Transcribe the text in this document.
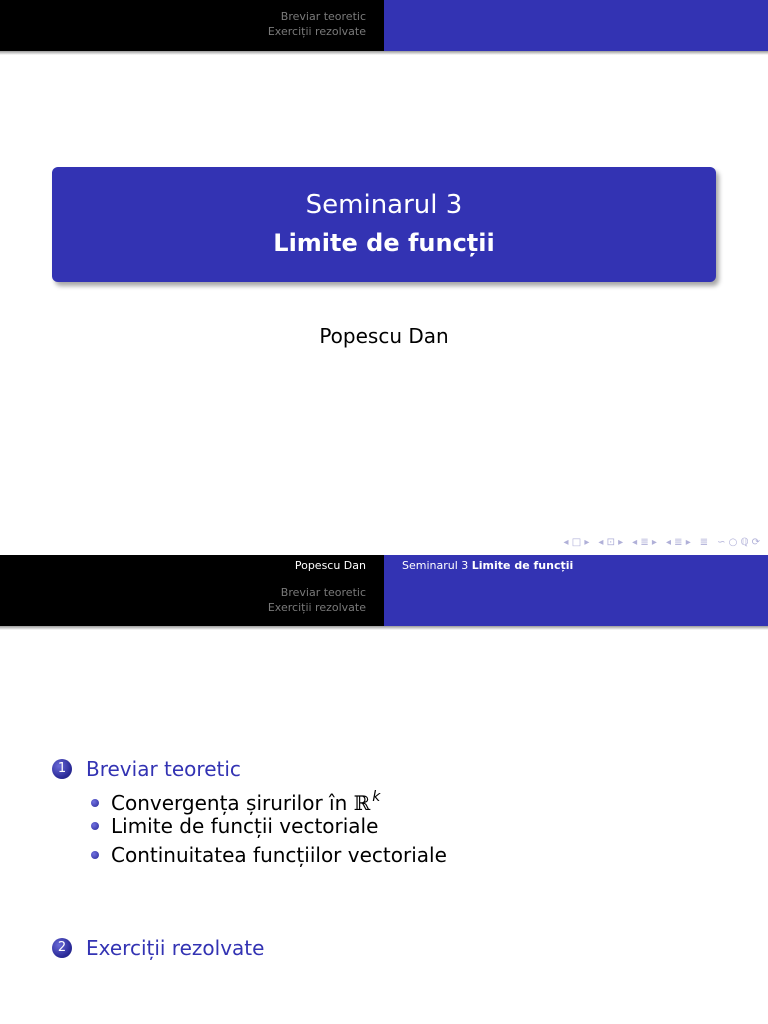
Breviar teoretic
Exerciții rezolvate
Seminarul 3
Limite de funcții
Popescu Dan
◂ □ ▸ ◂ ⊡ ▸ ◂ ≣ ▸ ◂ ≣ ▸ ≣ ∽ ○ ℚ ⟳
Popescu Dan
Breviar teoretic
Exerciții rezolvate
Seminarul 3 Limite de funcții
1 Breviar teoretic
Convergența șirurilor în ℝ $^k$
Limite de funcții vectoriale
Continuitatea funcțiilor vectoriale
2 Exerciții rezolvate
